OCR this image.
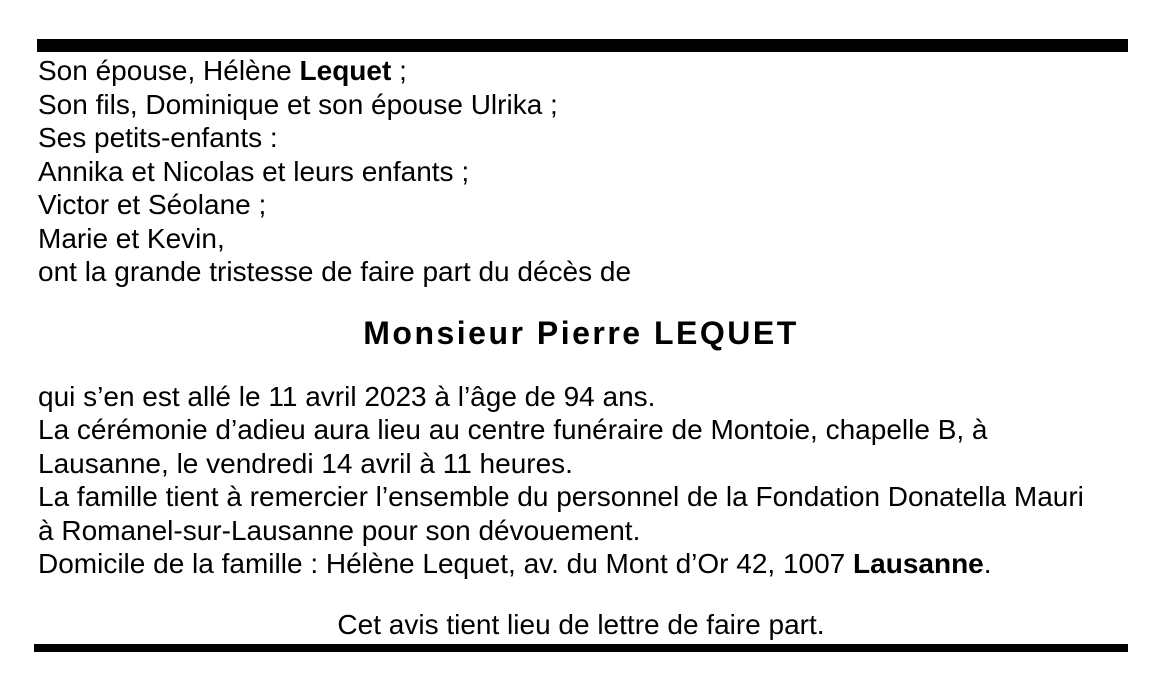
Son épouse, Hélène Lequet ;
Son fils, Dominique et son épouse Ulrika ;
Ses petits-enfants :
Annika et Nicolas et leurs enfants ;
Victor et Séolane ;
Marie et Kevin,
ont la grande tristesse de faire part du décès de
Monsieur Pierre LEQUET
qui s’en est allé le 11 avril 2023 à l’âge de 94 ans.
La cérémonie d’adieu aura lieu au centre funéraire de Montoie, chapelle B, à
Lausanne, le vendredi 14 avril à 11 heures.
La famille tient à remercier l’ensemble du personnel de la Fondation Donatella Mauri
à Romanel-sur-Lausanne pour son dévouement.
Domicile de la famille : Hélène Lequet, av. du Mont d’Or 42, 1007 Lausanne.
Cet avis tient lieu de lettre de faire part.
